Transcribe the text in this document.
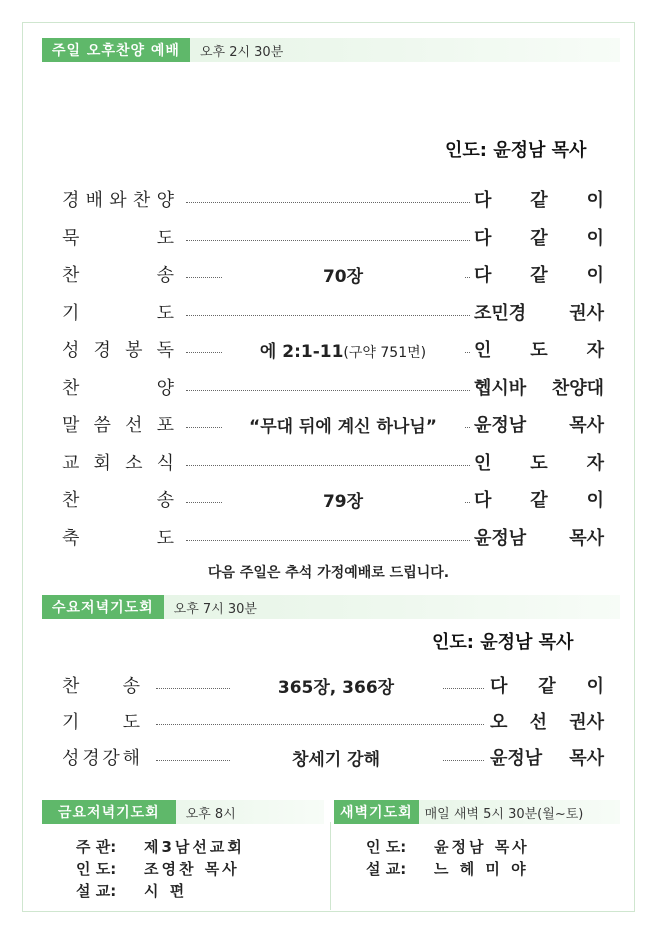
주일 오후찬양 예배	오후 2시 30분
인도: 윤정남 목사
경 배 와 찬 양	다 같 이
묵	도	다 같 이
찬	송	70장	다 같 이
기	도	조민경 권사
성 경 봉 독	에 2:1-11(구약 751면)	인 도 자
찬	양	헵시바 찬양대
말 씀 선 포	“무대 뒤에 계신 하나님”	윤정남 목사
교 회 소 식	인 도 자
찬	송	79장	다 같 이
축	도	윤정남 목사
다음 주일은 추석 가정예배로 드립니다.
수요저녁기도회	오후 7시 30분
인도: 윤정남 목사
찬 송	365장, 366장	다 같 이
기 도	오 선 권사
성 경 강 해	창세기 강해	윤정남 목사
금요저녁기도회	오후 8시	새벽기도회 매일 새벽 5시 30분(월~토)
주 관:	제3남선교회
인 도:	조영찬 목사
설 교:	시 편
인 도:	윤정남 목사
설 교:	느 헤 미 야
